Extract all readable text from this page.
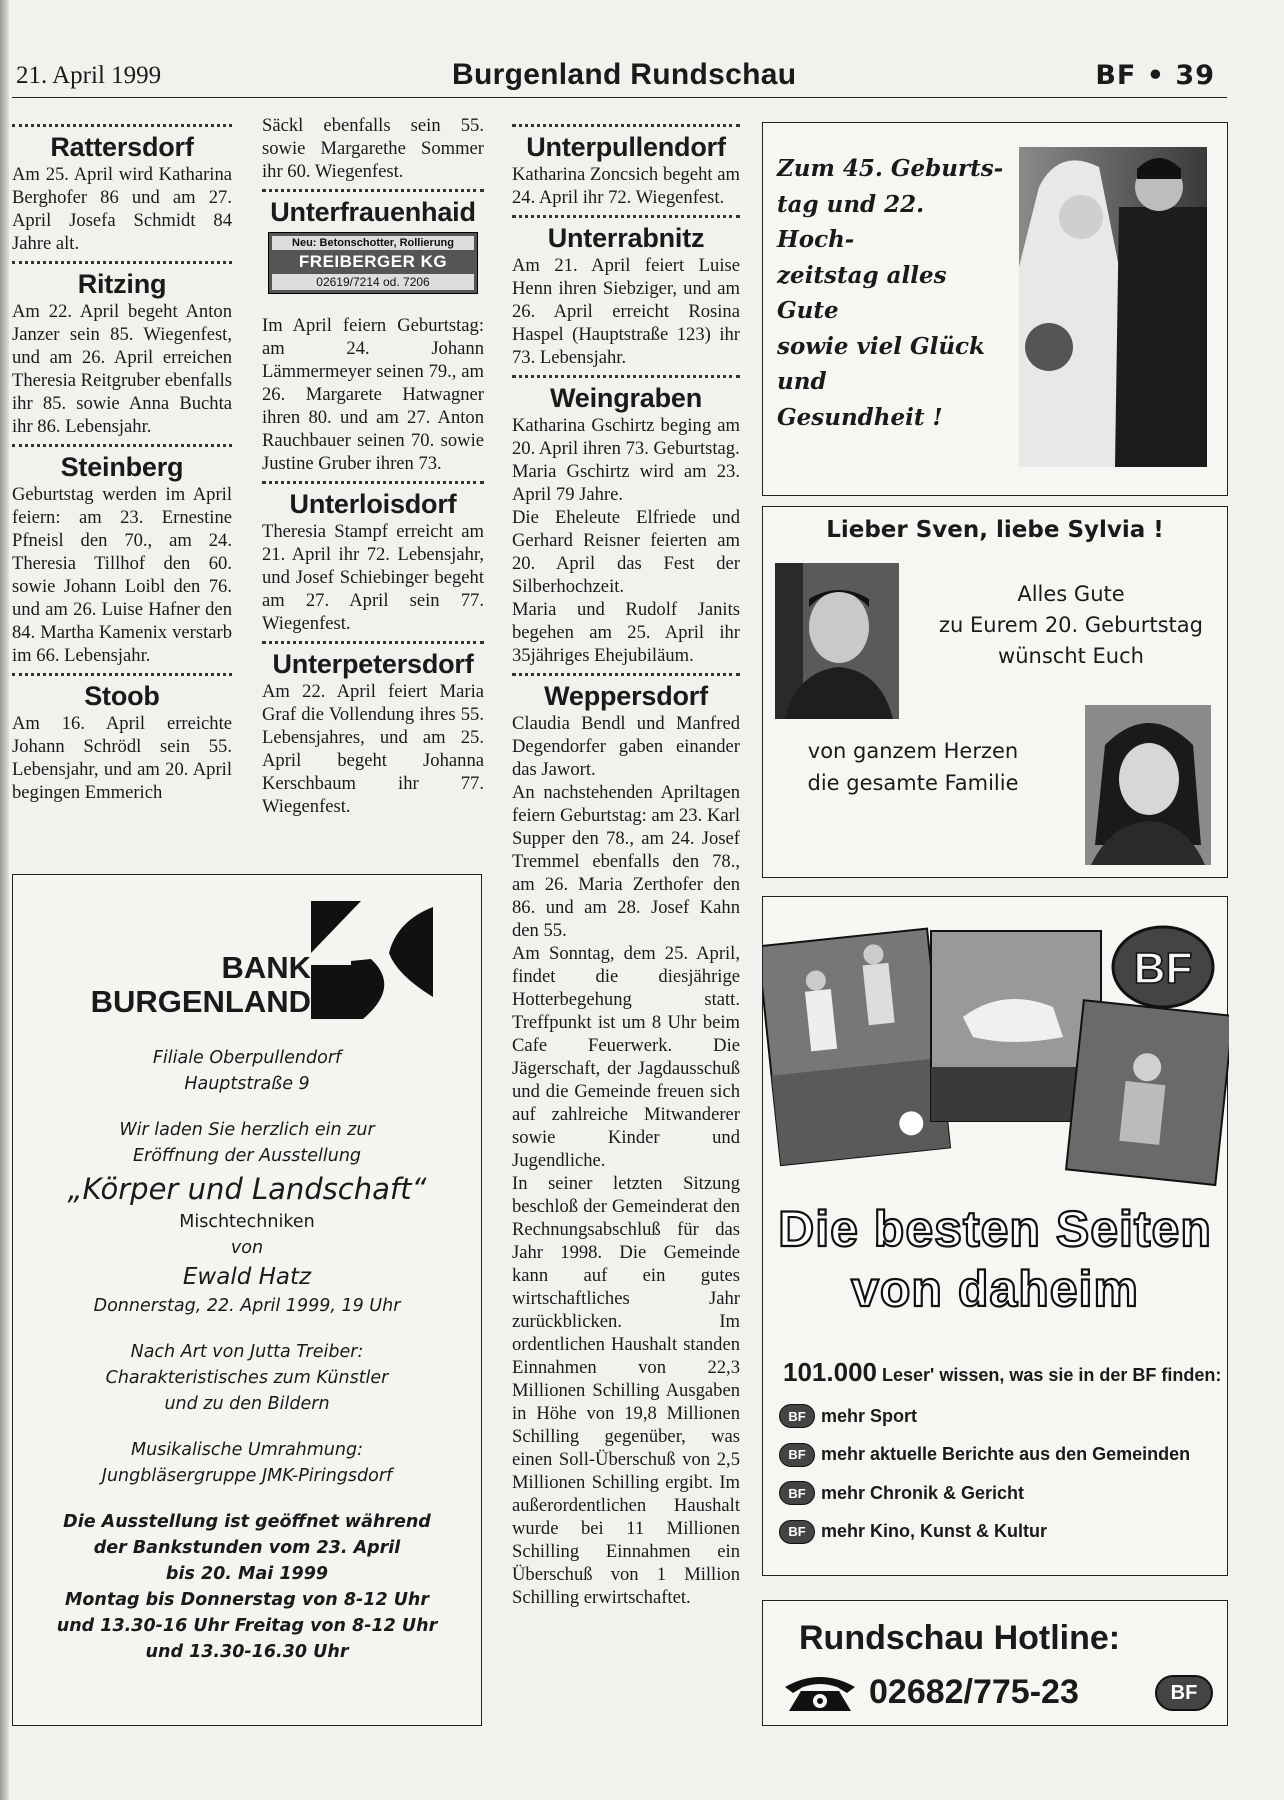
21. April 1999	Burgenland Rundschau	BF • 39
Rattersdorf

Am 25. April wird Katharina Berghofer 86 und am 27. April Josefa Schmidt 84 Jahre alt.

Ritzing

Am 22. April begeht Anton Janzer sein 85. Wiegenfest, und am 26. April erreichen Theresia Reitgruber ebenfalls ihr 85. sowie Anna Buchta ihr 86. Lebensjahr.

Steinberg

Geburtstag werden im April feiern: am 23. Ernestine Pfneisl den 70., am 24. Theresia Tillhof den 60. sowie Johann Loibl den 76. und am 26. Luise Hafner den 84. Martha Kamenix verstarb im 66. Lebensjahr.

Stoob

Am 16. April erreichte Johann Schrödl sein 55. Lebensjahr, und am 20. April begingen Emmerich

Säckl ebenfalls sein 55. sowie Margarethe Sommer ihr 60. Wiegenfest.

Unterfrauenhaid
Neu: Betonschotter, Rollierung
FREIBERGER KG
02619/7214 od. 7206

Im April feiern Geburtstag: am 24. Johann Lämmermeyer seinen 79., am 26. Margarete Hatwagner ihren 80. und am 27. Anton Rauchbauer seinen 70. sowie Justine Gruber ihren 73.

Unterloisdorf

Theresia Stampf erreicht am 21. April ihr 72. Lebensjahr, und Josef Schiebinger begeht am 27. April sein 77. Wiegenfest.

Unterpetersdorf

Am 22. April feiert Maria Graf die Vollendung ihres 55. Lebensjahres, und am 25. April begeht Johanna Kerschbaum ihr 77. Wiegenfest.

Unterpullendorf

Katharina Zoncsich begeht am 24. April ihr 72. Wiegenfest.

Unterrabnitz

Am 21. April feiert Luise Henn ihren Siebziger, und am 26. April erreicht Rosina Haspel (Hauptstraße 123) ihr 73. Lebensjahr.

Weingraben

Katharina Gschirtz beging am 20. April ihren 73. Geburtstag.

Maria Gschirtz wird am 23. April 79 Jahre.

Die Eheleute Elfriede und Gerhard Reisner feierten am 20. April das Fest der Silberhochzeit.

Maria und Rudolf Janits begehen am 25. April ihr 35jähriges Ehejubiläum.

Weppersdorf

Claudia Bendl und Manfred Degendorfer gaben einander das Jawort.

An nachstehenden Apriltagen feiern Geburtstag: am 23. Karl Supper den 78., am 24. Josef Tremmel ebenfalls den 78., am 26. Maria Zerthofer den 86. und am 28. Josef Kahn den 55.

Am Sonntag, dem 25. April, findet die diesjährige Hotterbegehung statt. Treffpunkt ist um 8 Uhr beim Cafe Feuerwerk. Die Jägerschaft, der Jagdausschuß und die Gemeinde freuen sich auf zahlreiche Mitwanderer sowie Kinder und Jugendliche.

In seiner letzten Sitzung beschloß der Gemeinderat den Rechnungsabschluß für das Jahr 1998. Die Gemeinde kann auf ein gutes wirtschaftliches Jahr zurückblicken. Im ordentlichen Haushalt standen Einnahmen von 22,3 Millionen Schilling Ausgaben in Höhe von 19,8 Millionen Schilling gegenüber, was einen Soll-Überschuß von 2,5 Millionen Schilling ergibt. Im außerordentlichen Haushalt wurde bei 11 Millionen Schilling Einnahmen ein Überschuß von 1 Million Schilling erwirtschaftet.

BANK
BURGENLAND
Filiale Oberpullendorf
Hauptstraße 9
Wir laden Sie herzlich ein zur
Eröffnung der Ausstellung
„Körper und Landschaft“
Mischtechniken
von
Ewald Hatz
Donnerstag, 22. April 1999, 19 Uhr
Nach Art von Jutta Treiber:
Charakteristisches zum Künstler
und zu den Bildern
Musikalische Umrahmung:
Jungbläsergruppe JMK-Piringsdorf
Die Ausstellung ist geöffnet während
der Bankstunden vom 23. April
bis 20. Mai 1999
Montag bis Donnerstag von 8-12 Uhr
und 13.30-16 Uhr Freitag von 8-12 Uhr
und 13.30-16.30 Uhr
Zum 45. Geburts-
tag und 22. Hoch-
zeitstag alles Gute
sowie viel Glück
und
Gesundheit !
Lieber Sven, liebe Sylvia !
Alles Gute
zu Eurem 20. Geburtstag
wünscht Euch
von ganzem Herzen
die gesamte Familie
BF
Die besten Seiten
von daheim
101.000 Leser' wissen, was sie in der BF finden:
BF mehr Sport
BF mehr aktuelle Berichte aus den Gemeinden
BF mehr Chronik & Gericht
BF mehr Kino, Kunst & Kultur
Rundschau Hotline:
02682/775-23	BF
